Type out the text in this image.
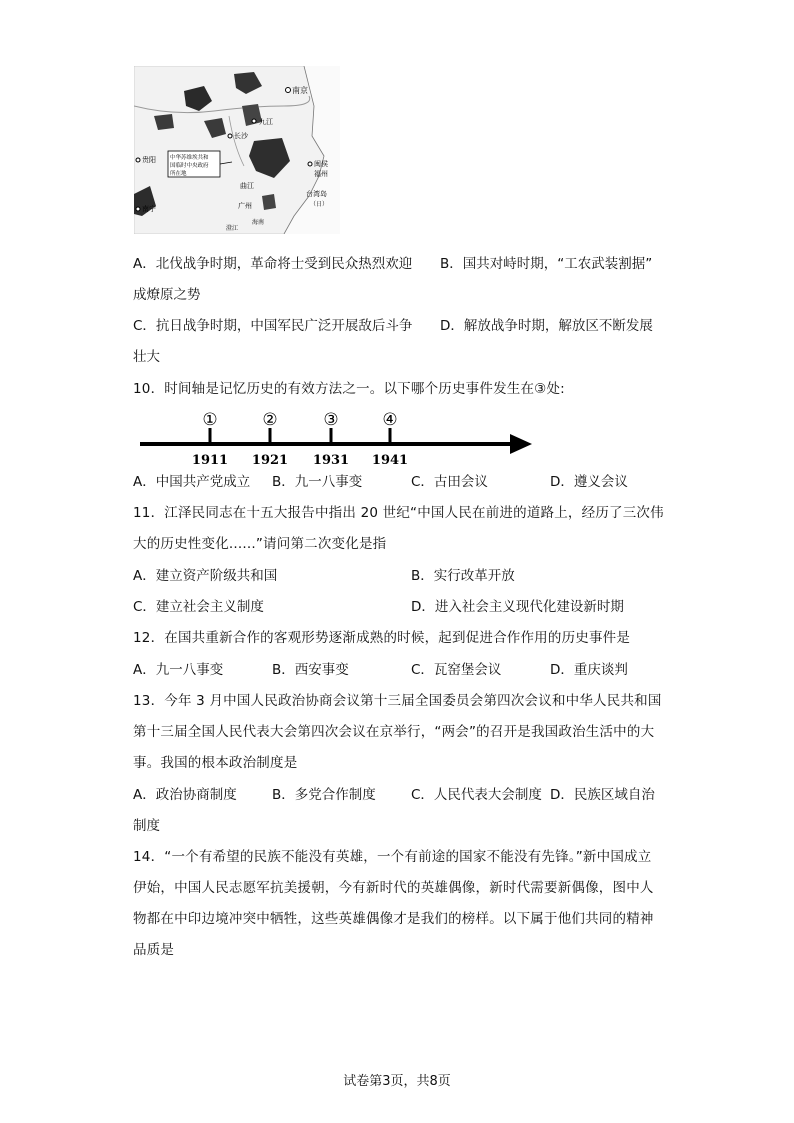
南京
九江
长沙
贵阳	闽侯
福州
曲江
广州
台湾岛
（日）
南宁
海南
澄江
中华苏维埃共和
国临时中央政府
所在地
A．北伐战争时期，革命将士受到民众热烈欢迎 B．国共对峙时期，“工农武装割据”
成燎原之势
C．抗日战争时期，中国军民广泛开展敌后斗争 D．解放战争时期，解放区不断发展
壮大
10．时间轴是记忆历史的有效方法之一。以下哪个历史事件发生在③处:
①
1911
②
1921
③
1931
④
1941
A．中国共产党成立 B．九一八事变	C．古田会议	D．遵义会议
11．江泽民同志在十五大报告中指出 20 世纪“中国人民在前进的道路上，经历了三次伟
大的历史性变化......”请问第二次变化是指
A．建立资产阶级共和国	B．实行改革开放
C．建立社会主义制度	D．进入社会主义现代化建设新时期
12．在国共重新合作的客观形势逐渐成熟的时候，起到促进合作作用的历史事件是
A．九一八事变	B．西安事变	C．瓦窑堡会议	D．重庆谈判
13．今年 3 月中国人民政治协商会议第十三届全国委员会第四次会议和中华人民共和国
第十三届全国人民代表大会第四次会议在京举行，“两会”的召开是我国政治生活中的大
事。我国的根本政治制度是
A．政治协商制度	B．多党合作制度	C．人民代表大会制度 D．民族区域自治
制度
14．“一个有希望的民族不能没有英雄，一个有前途的国家不能没有先锋。”新中国成立
伊始，中国人民志愿军抗美援朝，今有新时代的英雄偶像，新时代需要新偶像，图中人
物都在中印边境冲突中牺牲，这些英雄偶像才是我们的榜样。以下属于他们共同的精神
品质是
试卷第3页，共8页
